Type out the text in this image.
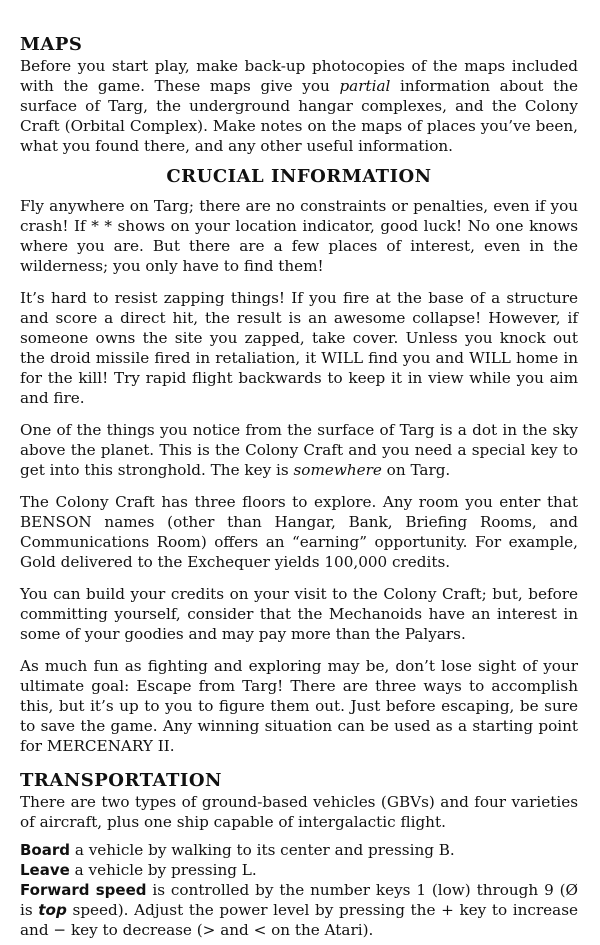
MAPS

Before you start play, make back-up photocopies of the maps included with the game. These maps give you partial information about the surface of Targ, the underground hangar complexes, and the Colony Craft (Orbital Complex). Make notes on the maps of places you’ve been, what you found there, and any other useful information.

CRUCIAL INFORMATION

Fly anywhere on Targ; there are no constraints or penalties, even if you crash! If * * shows on your location indicator, good luck! No one knows where you are. But there are a few places of interest, even in the wilderness; you only have to find them!

It’s hard to resist zapping things! If you fire at the base of a structure and score a direct hit, the result is an awesome collapse! However, if someone owns the site you zapped, take cover. Unless you knock out the droid missile fired in retaliation, it WILL find you and WILL home in for the kill! Try rapid flight backwards to keep it in view while you aim and fire.

One of the things you notice from the surface of Targ is a dot in the sky above the planet. This is the Colony Craft and you need a special key to get into this stronghold. The key is somewhere on Targ.

The Colony Craft has three floors to explore. Any room you enter that BENSON names (other than Hangar, Bank, Briefing Rooms, and Communications Room) offers an “earning” opportunity. For example, Gold delivered to the Exchequer yields 100,000 credits.

You can build your credits on your visit to the Colony Craft; but, before committing yourself, consider that the Mechanoids have an interest in some of your goodies and may pay more than the Palyars.

As much fun as fighting and exploring may be, don’t lose sight of your ultimate goal: Escape from Targ! There are three ways to accomplish this, but it’s up to you to figure them out. Just before escaping, be sure to save the game. Any winning situation can be used as a starting point for MERCENARY II.

TRANSPORTATION

There are two types of ground-based vehicles (GBVs) and four varieties of aircraft, plus one ship capable of intergalactic flight.

Board a vehicle by walking to its center and pressing B.

Leave a vehicle by pressing L.

Forward speed is controlled by the number keys 1 (low) through 9 (Ø is top speed). Adjust the power level by pressing the + key to increase and − key to decrease (> and < on the Atari).
